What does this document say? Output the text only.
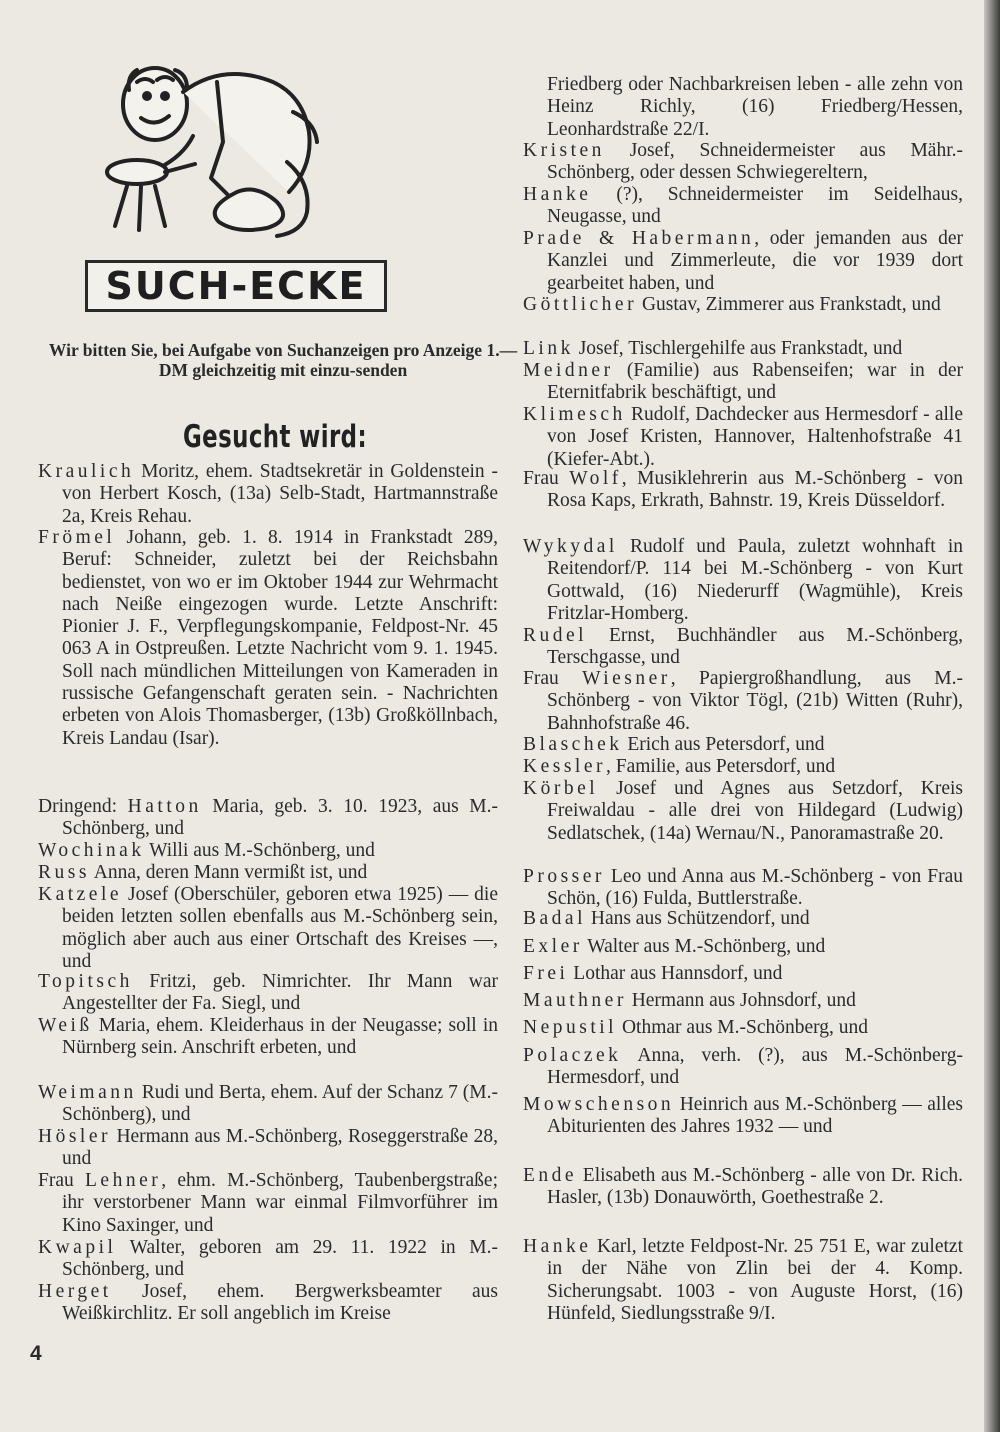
SUCH-ECKE
Wir bitten Sie, bei Aufgabe von Suchanzeigen pro Anzeige 1.— DM gleichzeitig mit einzu-senden
Gesucht wird:
Kraulich Moritz, ehem. Stadtsekretär in Goldenstein - von Herbert Kosch, (13a) Selb-Stadt, Hartmannstraße 2a, Kreis Rehau.
Frömel Johann, geb. 1. 8. 1914 in Frankstadt 289, Beruf: Schneider, zuletzt bei der Reichsbahn bedienstet, von wo er im Oktober 1944 zur Wehrmacht nach Neiße eingezogen wurde. Letzte Anschrift: Pionier J. F., Verpflegungskompanie, Feldpost-Nr. 45 063 A in Ostpreußen. Letzte Nachricht vom 9. 1. 1945. Soll nach mündlichen Mitteilungen von Kameraden in russische Gefangenschaft geraten sein. - Nachrichten erbeten von Alois Thomasberger, (13b) Großköllnbach, Kreis Landau (Isar).
Dringend: Hatton Maria, geb. 3. 10. 1923, aus M.-Schönberg, und
Wochinak Willi aus M.-Schönberg, und
Russ Anna, deren Mann vermißt ist, und
Katzele Josef (Oberschüler, geboren etwa 1925) — die beiden letzten sollen ebenfalls aus M.-Schönberg sein, möglich aber auch aus einer Ortschaft des Kreises —, und
Topitsch Fritzi, geb. Nimrichter. Ihr Mann war Angestellter der Fa. Siegl, und
Weiß Maria, ehem. Kleiderhaus in der Neugasse; soll in Nürnberg sein. Anschrift erbeten, und
Weimann Rudi und Berta, ehem. Auf der Schanz 7 (M.-Schönberg), und
Hösler Hermann aus M.-Schönberg, Roseggerstraße 28, und
Frau Lehner, ehm. M.-Schönberg, Taubenbergstraße; ihr verstorbener Mann war einmal Filmvorführer im Kino Saxinger, und
Kwapil Walter, geboren am 29. 11. 1922 in M.-Schönberg, und
Herget Josef, ehem. Bergwerksbeamter aus Weißkirchlitz. Er soll angeblich im Kreise
Friedberg oder Nachbarkreisen leben - alle zehn von Heinz Richly, (16) Friedberg/Hessen, Leonhardstraße 22/I.
Kristen Josef, Schneidermeister aus Mähr.-Schönberg, oder dessen Schwiegereltern,
Hanke (?), Schneidermeister im Seidelhaus, Neugasse, und
Prade & Habermann, oder jemanden aus der Kanzlei und Zimmerleute, die vor 1939 dort gearbeitet haben, und
Göttlicher Gustav, Zimmerer aus Frankstadt, und
Link Josef, Tischlergehilfe aus Frankstadt, und
Meidner (Familie) aus Rabenseifen; war in der Eternitfabrik beschäftigt, und
Klimesch Rudolf, Dachdecker aus Hermesdorf - alle von Josef Kristen, Hannover, Haltenhofstraße 41 (Kiefer-Abt.).
Frau Wolf, Musiklehrerin aus M.-Schönberg - von Rosa Kaps, Erkrath, Bahnstr. 19, Kreis Düsseldorf.
Wykydal Rudolf und Paula, zuletzt wohnhaft in Reitendorf/P. 114 bei M.-Schönberg - von Kurt Gottwald, (16) Niederurff (Wagmühle), Kreis Fritzlar-Homberg.
Rudel Ernst, Buchhändler aus M.-Schönberg, Terschgasse, und
Frau Wiesner, Papiergroßhandlung, aus M.-Schönberg - von Viktor Tögl, (21b) Witten (Ruhr), Bahnhofstraße 46.
Blaschek Erich aus Petersdorf, und
Kessler, Familie, aus Petersdorf, und
Körbel Josef und Agnes aus Setzdorf, Kreis Freiwaldau - alle drei von Hildegard (Ludwig) Sedlatschek, (14a) Wernau/N., Panoramastraße 20.
Prosser Leo und Anna aus M.-Schönberg - von Frau Schön, (16) Fulda, Buttlerstraße.
Badal Hans aus Schützendorf, und
Exler Walter aus M.-Schönberg, und
Frei Lothar aus Hannsdorf, und
Mauthner Hermann aus Johnsdorf, und
Nepustil Othmar aus M.-Schönberg, und
Polaczek Anna, verh. (?), aus M.-Schönberg-Hermesdorf, und
Mowschenson Heinrich aus M.-Schönberg — alles Abiturienten des Jahres 1932 — und
Ende Elisabeth aus M.-Schönberg - alle von Dr. Rich. Hasler, (13b) Donauwörth, Goethestraße 2.
Hanke Karl, letzte Feldpost-Nr. 25 751 E, war zuletzt in der Nähe von Zlin bei der 4. Komp. Sicherungsabt. 1003 - von Auguste Horst, (16) Hünfeld, Siedlungsstraße 9/I.
4
